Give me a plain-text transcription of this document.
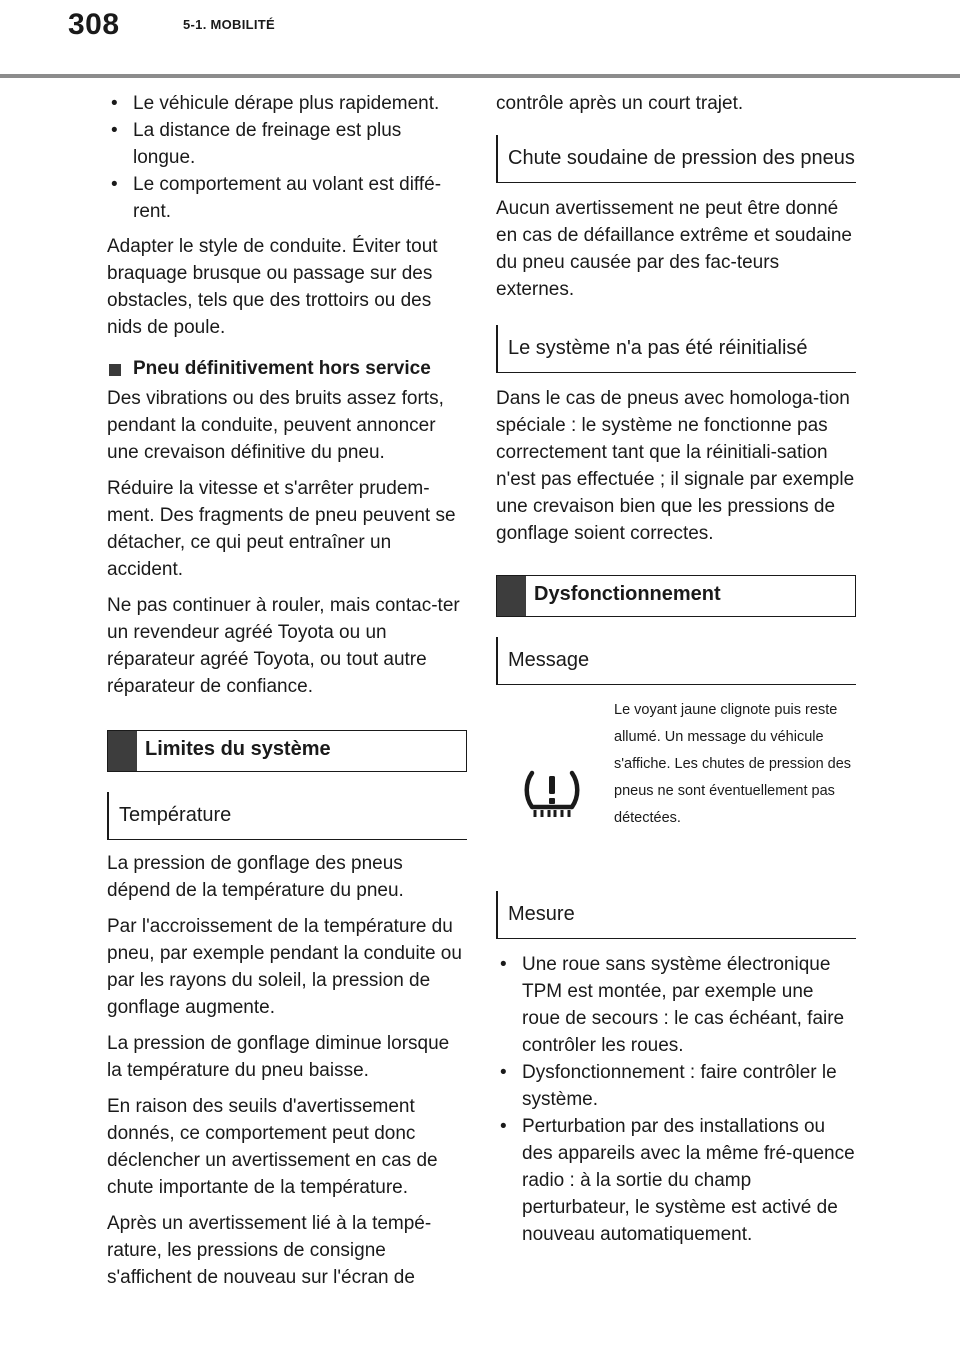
308	5-1. MOBILITÉ
• Le véhicule dérape plus rapidement.
• La distance de freinage est plus longue.
• Le comportement au volant est diffé-rent.

Adapter le style de conduite. Éviter tout braquage brusque ou passage sur des obstacles, tels que des trottoirs ou des nids de poule.

Pneu définitivement hors service

Des vibrations ou des bruits assez forts, pendant la conduite, peuvent annoncer une crevaison définitive du pneu.

Réduire la vitesse et s'arrêter prudem-ment. Des fragments de pneu peuvent se détacher, ce qui peut entraîner un accident.

Ne pas continuer à rouler, mais contac-ter un revendeur agréé Toyota ou un réparateur agréé Toyota, ou tout autre réparateur de confiance.

Limites du système
Température

La pression de gonflage des pneus dépend de la température du pneu.

Par l'accroissement de la température du pneu, par exemple pendant la conduite ou par les rayons du soleil, la pression de gonflage augmente.

La pression de gonflage diminue lorsque la température du pneu baisse.

En raison des seuils d'avertissement donnés, ce comportement peut donc déclencher un avertissement en cas de chute importante de la température.

Après un avertissement lié à la tempé-rature, les pressions de consigne s'affichent de nouveau sur l'écran de

contrôle après un court trajet.

Chute soudaine de pression des pneus

Aucun avertissement ne peut être donné en cas de défaillance extrême et soudaine du pneu causée par des fac-teurs externes.

Le système n'a pas été réinitialisé

Dans le cas de pneus avec homologa-tion spéciale : le système ne fonctionne pas correctement tant que la réinitiali-sation n'est pas effectuée ; il signale par exemple une crevaison bien que les pressions de gonflage soient correctes.

Dysfonctionnement
Message
Le voyant jaune clignote puis reste allumé. Un message du véhicule s'affiche. Les chutes de pression des pneus ne sont éventuellement pas détectées.
Mesure
• Une roue sans système électronique TPM est montée, par exemple une roue de secours : le cas échéant, faire contrôler les roues.
• Dysfonctionnement : faire contrôler le système.
• Perturbation par des installations ou des appareils avec la même fré-quence radio : à la sortie du champ perturbateur, le système est activé de nouveau automatiquement.
